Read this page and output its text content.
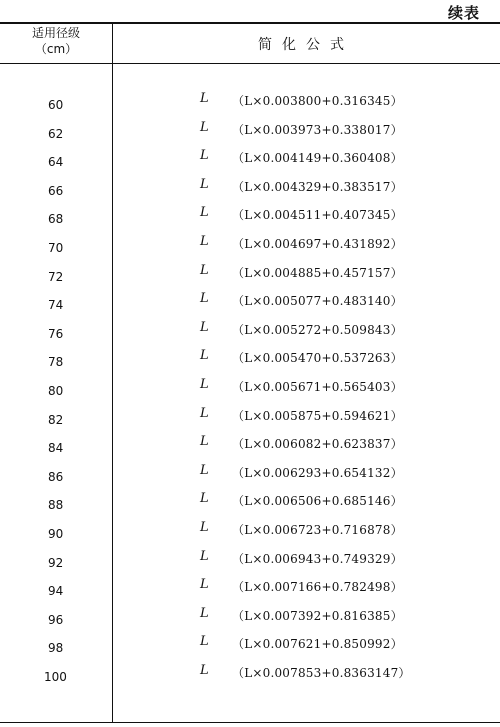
续表
适用径级
（cm）	简化公式
60	L （L×0.003800+0.316345）
62	L （L×0.003973+0.338017）
64	L （L×0.004149+0.360408）
66	L （L×0.004329+0.383517）
68	L （L×0.004511+0.407345）
70	L （L×0.004697+0.431892）
72	L （L×0.004885+0.457157）
74	L （L×0.005077+0.483140）
76	L （L×0.005272+0.509843）
78	L （L×0.005470+0.537263）
80	L （L×0.005671+0.565403）
82	L （L×0.005875+0.594621）
84	L （L×0.006082+0.623837）
86	L （L×0.006293+0.654132）
88	L （L×0.006506+0.685146）
90	L （L×0.006723+0.716878）
92	L （L×0.006943+0.749329）
94	L （L×0.007166+0.782498）
96	L （L×0.007392+0.816385）
98	L （L×0.007621+0.850992）
100	L （L×0.007853+0.8363147）
